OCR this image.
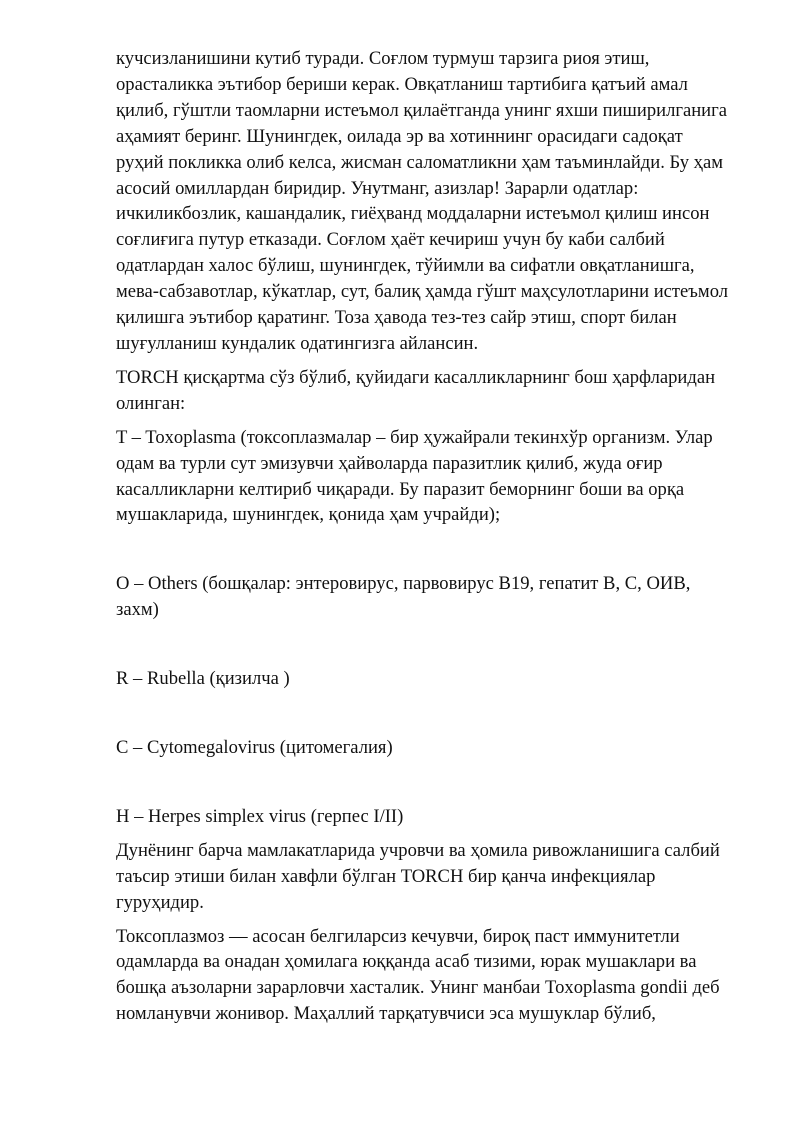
кучсизланишини кутиб туради. Соғлом турмуш тарзига риоя этиш,
орасталикка эътибор бериши керак. Овқатланиш тартибига қатъий амал
қилиб, гўштли таомларни истеъмол қилаётганда унинг яхши пиширилганига
аҳамият беринг. Шунингдек, оилада эр ва хотиннинг орасидаги садоқат
руҳий покликка олиб келса, жисман саломатликни ҳам таъминлайди. Бу ҳам
асосий омиллардан биридир. Унутманг, азизлар! Зарарли одатлар:
ичкиликбозлик, кашандалик, гиёҳванд моддаларни истеъмол қилиш инсон
соғлиғига путур етказади. Соғлом ҳаёт кечириш учун бу каби салбий
одатлардан халос бўлиш, шунингдек, тўйимли ва сифатли овқатланишга,
мева-сабзавотлар, кўкатлар, сут, балиқ ҳамда гўшт маҳсулотларини истеъмол
қилишга эътибор қаратинг. Тоза ҳавода тез-тез сайр этиш, спорт билан
шуғулланиш кундалик одатингизга айлансин.

TORCH қисқартма сўз бўлиб, қуйидаги касалликларнинг бош ҳарфларидан
олинган:

T – Toxoplasma (токсоплазмалар – бир ҳужайрали текинхўр организм. Улар
одам ва турли сут эмизувчи ҳайволарда паразитлик қилиб, жуда оғир
касалликларни келтириб чиқаради. Бу паразит беморнинг боши ва орқа
мушакларида, шунингдек, қонида ҳам учрайди);

O – Others (бошқалар: энтеровирус, парвовирус B19, гепатит B, C, ОИВ,
захм)

R – Rubella (қизилча )

C – Cytomegalovirus (цитомегалия)

H – Herpes simplex virus (герпес I/II)

Дунёнинг барча мамлакатларида учровчи ва ҳомила ривожланишига салбий
таъсир этиши билан хавфли бўлган TORCH бир қанча инфекциялар
гуруҳидир.

Токсоплазмоз — асосан белгиларсиз кечувчи, бироқ паст иммунитетли
одамларда ва онадан ҳомилага юққанда асаб тизими, юрак мушаклари ва
бошқа аъзоларни зарарловчи хасталик. Унинг манбаи Toxoplasma gondii деб
номланувчи жонивор. Маҳаллий тарқатувчиси эса мушуклар бўлиб,
